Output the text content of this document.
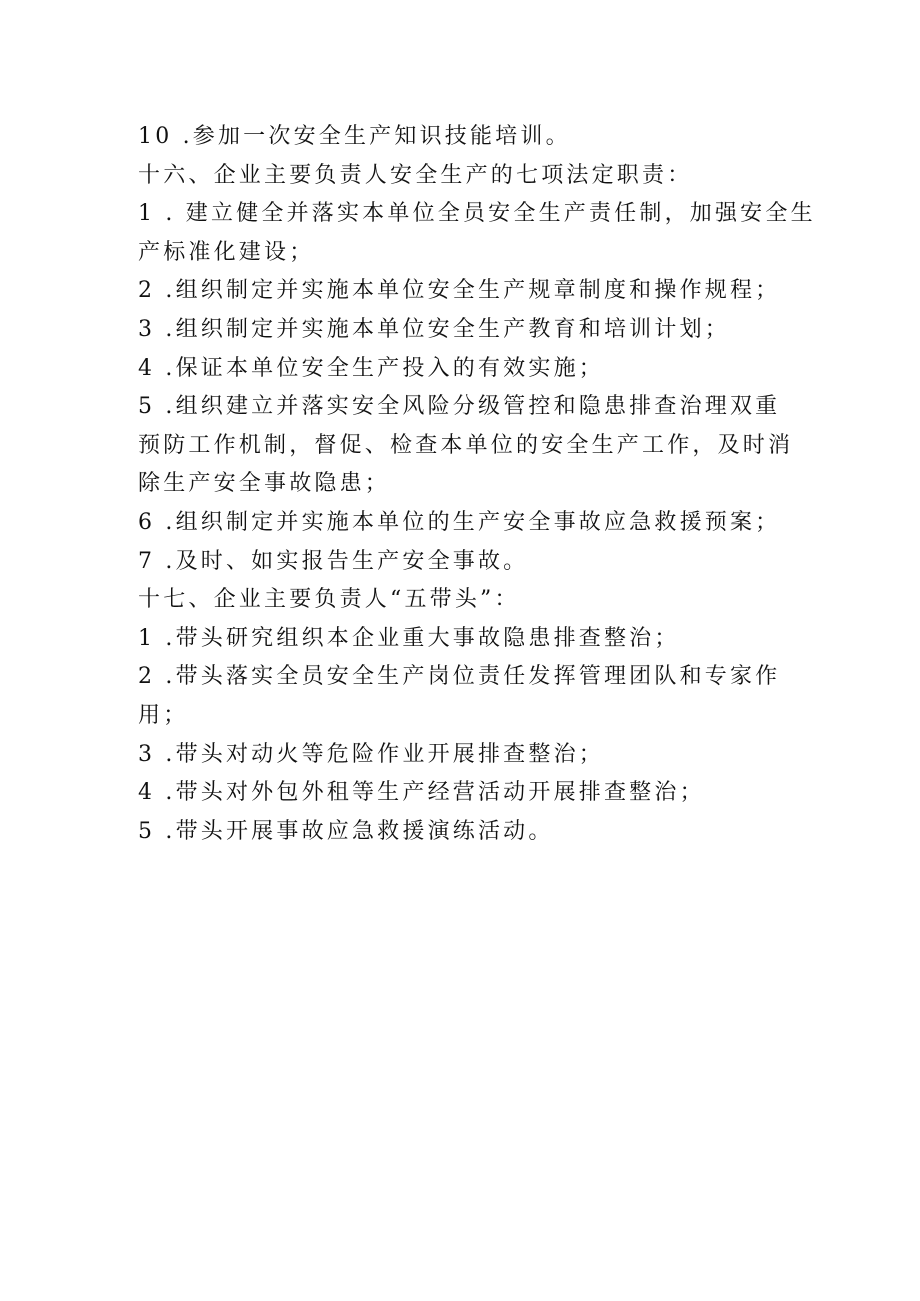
10 .参加一次安全生产知识技能培训。
十六、企业主要负责人安全生产的七项法定职责：
1 . 建立健全并落实本单位全员安全生产责任制，加强安全生
产标准化建设；
2 .组织制定并实施本单位安全生产规章制度和操作规程；
3 .组织制定并实施本单位安全生产教育和培训计划；
4 .保证本单位安全生产投入的有效实施；
5 .组织建立并落实安全风险分级管控和隐患排查治理双重
预防工作机制，督促、检查本单位的安全生产工作，及时消
除生产安全事故隐患；
6 .组织制定并实施本单位的生产安全事故应急救援预案；
7 .及时、如实报告生产安全事故。
十七、企业主要负责人“五带头”：
1 .带头研究组织本企业重大事故隐患排查整治；
2 .带头落实全员安全生产岗位责任发挥管理团队和专家作
用；
3 .带头对动火等危险作业开展排查整治；
4 .带头对外包外租等生产经营活动开展排查整治；
5 .带头开展事故应急救援演练活动。
